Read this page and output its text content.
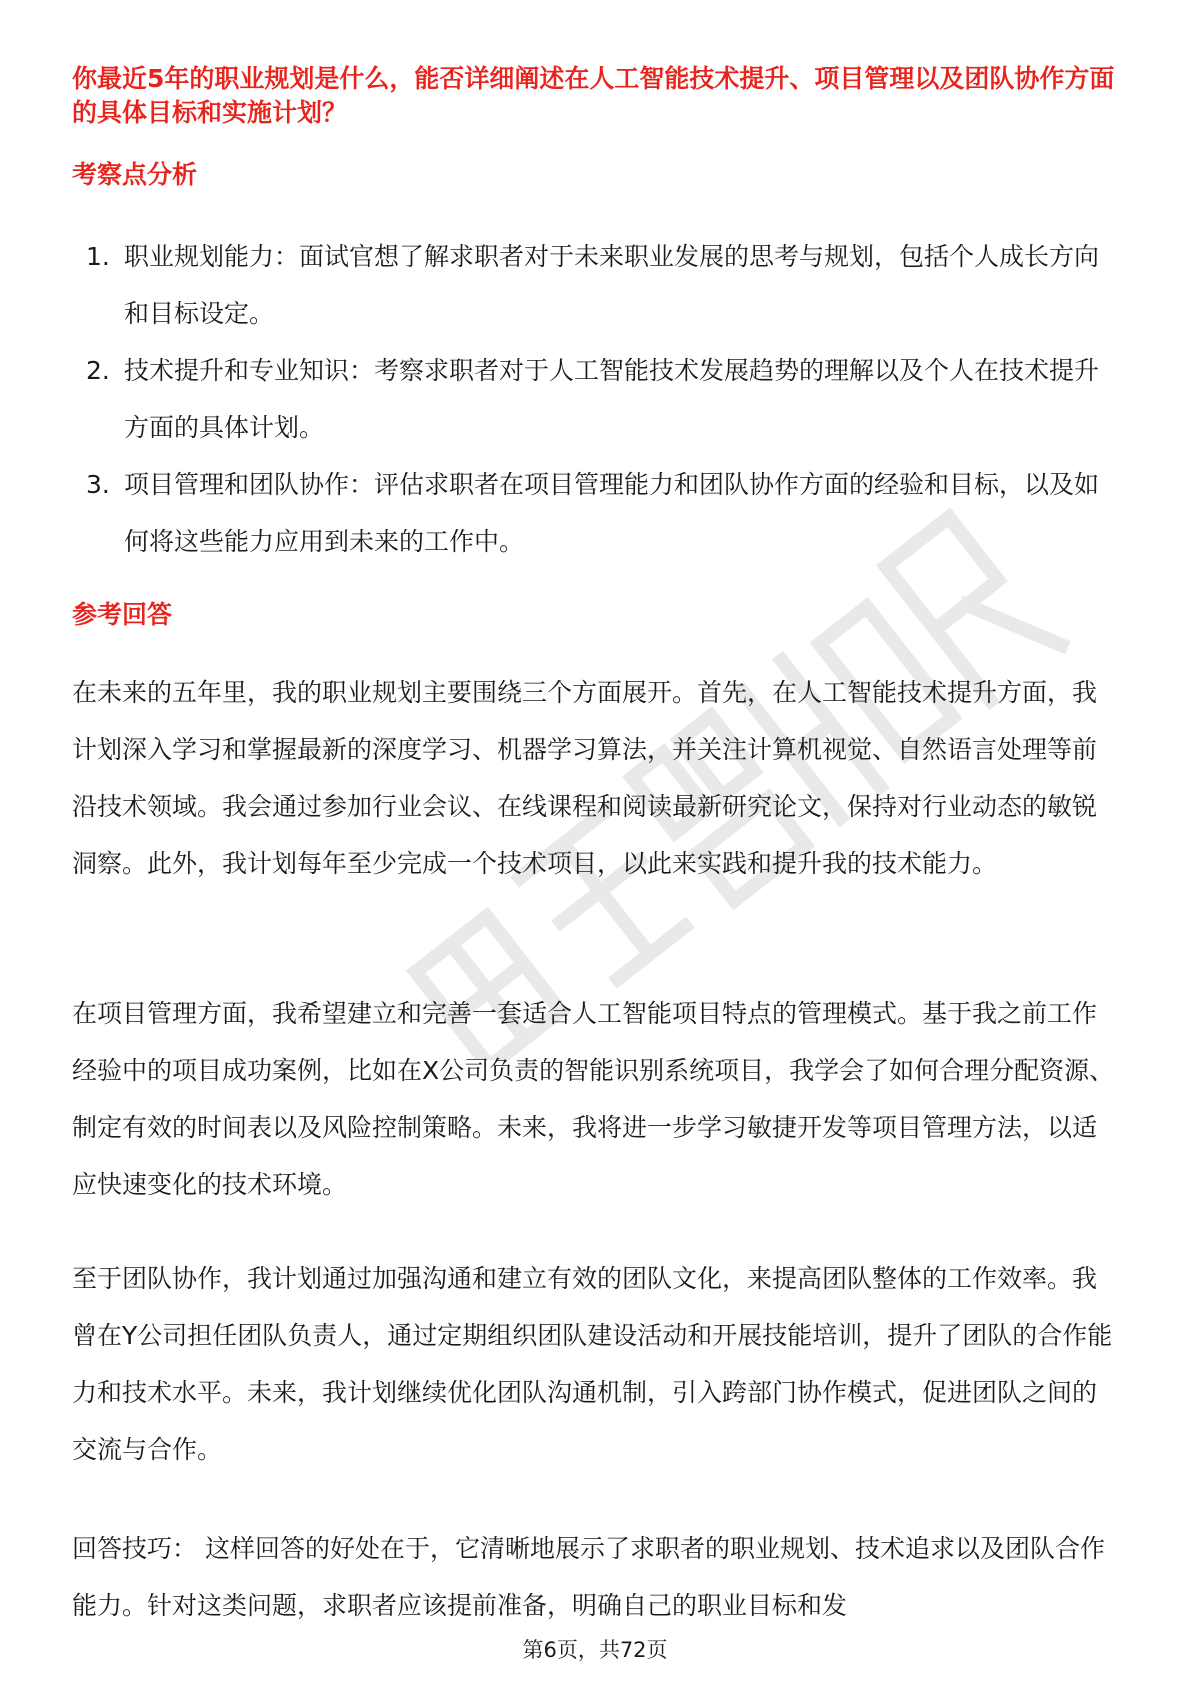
你最近5年的职业规划是什么，能否详细阐述在人工智能技术提升、项目管理以及团队协作方面的具体目标和实施计划？
考察点分析
1. 职业规划能力：面试官想了解求职者对于未来职业发展的思考与规划，包括个人成长方向和目标设定。
2. 技术提升和专业知识：考察求职者对于人工智能技术发展趋势的理解以及个人在技术提升方面的具体计划。
3. 项目管理和团队协作：评估求职者在项目管理能力和团队协作方面的经验和目标，以及如何将这些能力应用到未来的工作中。
参考回答

在未来的五年里，我的职业规划主要围绕三个方面展开。首先，在人工智能技术提升方面，我计划深入学习和掌握最新的深度学习、机器学习算法，并关注计算机视觉、自然语言处理等前沿技术领域。我会通过参加行业会议、在线课程和阅读最新研究论文，保持对行业动态的敏锐洞察。此外，我计划每年至少完成一个技术项目，以此来实践和提升我的技术能力。

在项目管理方面，我希望建立和完善一套适合人工智能项目特点的管理模式。基于我之前工作经验中的项目成功案例，比如在X公司负责的智能识别系统项目，我学会了如何合理分配资源、制定有效的时间表以及风险控制策略。未来，我将进一步学习敏捷开发等项目管理方法，以适应快速变化的技术环境。

至于团队协作，我计划通过加强沟通和建立有效的团队文化，来提高团队整体的工作效率。我曾在Y公司担任团队负责人，通过定期组织团队建设活动和开展技能培训，提升了团队的合作能力和技术水平。未来，我计划继续优化团队沟通机制，引入跨部门协作模式，促进团队之间的交流与合作。

回答技巧： 这样回答的好处在于，它清晰地展示了求职者的职业规划、技术追求以及团队合作能力。针对这类问题，求职者应该提前准备，明确自己的职业目标和发

第6页，共72页
